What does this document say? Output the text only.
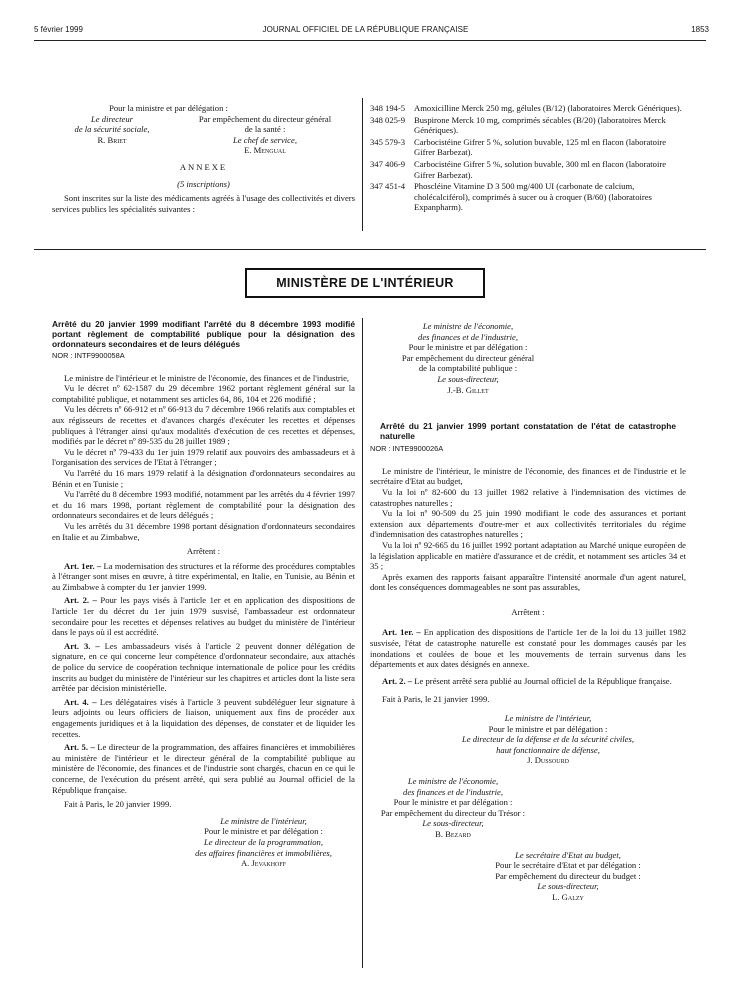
5 février 1999	JOURNAL OFFICIEL DE LA RÉPUBLIQUE FRANÇAISE	1853

Pour la ministre et par délégation :

Le directeur
de la sécurité sociale,
R. Briet
Par empêchement du directeur général
de la santé :
Le chef de service,
E. Mengual

ANNEXE

(5 inscriptions)

Sont inscrites sur la liste des médicaments agréés à l'usage des collectivités et divers services publics les spécialités suivantes :

348 194-5	Amoxicilline Merck 250 mg, gélules (B/12) (laboratoires Merck Génériques).
348 025-9	Buspirone Merck 10 mg, comprimés sécables (B/20) (laboratoires Merck Génériques).
345 579-3	Carbocistéine Gifrer 5 %, solution buvable, 125 ml en flacon (laboratoire Gifrer Barbezat).
347 406-9	Carbocistéine Gifrer 5 %, solution buvable, 300 ml en flacon (laboratoire Gifrer Barbezat).
347 451-4	Phoscléine Vitamine D 3 500 mg/400 UI (carbonate de calcium, cholécalciférol), comprimés à sucer ou à croquer (B/60) (laboratoires Expanpharm).
MINISTÈRE DE L'INTÉRIEUR

Arrêté du 20 janvier 1999 modifiant l'arrêté du 8 décembre 1993 modifié portant règlement de comptabilité publique pour la désignation des ordonnateurs secondaires et de leurs délégués

NOR : INTF9900058A

Le ministre de l'intérieur et le ministre de l'économie, des finances et de l'industrie,

Vu le décret nº 62-1587 du 29 décembre 1962 portant règlement général sur la comptabilité publique, et notamment ses articles 64, 86, 104 et 226 modifié ;

Vu les décrets nº 66-912 et nº 66-913 du 7 décembre 1966 relatifs aux comptables et aux régisseurs de recettes et d'avances chargés d'exécuter les recettes et dépenses publiques à l'étranger ainsi qu'aux modalités d'exécution de ces recettes et dépenses, modifiés par le décret nº 89-535 du 28 juillet 1989 ;

Vu le décret nº 79-433 du 1er juin 1979 relatif aux pouvoirs des ambassadeurs et à l'organisation des services de l'Etat à l'étranger ;

Vu l'arrêté du 16 mars 1979 relatif à la désignation d'ordonnateurs secondaires au Bénin et en Tunisie ;

Vu l'arrêté du 8 décembre 1993 modifié, notamment par les arrêtés du 4 février 1997 et du 16 mars 1998, portant règlement de comptabilité pour la désignation des ordonnateurs secondaires et de leurs délégués ;

Vu les arrêtés du 31 décembre 1998 portant désignation d'ordonnateurs secondaires en Italie et au Zimbabwe,

Arrêtent :

Art. 1er. – La modernisation des structures et la réforme des procédures comptables à l'étranger sont mises en œuvre, à titre expérimental, en Italie, en Tunisie, au Bénin et au Zimbabwe à compter du 1er janvier 1999.

Art. 2. – Pour les pays visés à l'article 1er et en application des dispositions de l'article 1er du décret du 1er juin 1979 susvisé, l'ambassadeur est ordonnateur secondaire pour les recettes et dépenses relatives au budget du ministère de l'intérieur dans le pays où il est accrédité.

Art. 3. – Les ambassadeurs visés à l'article 2 peuvent donner délégation de signature, en ce qui concerne leur compétence d'ordonnateur secondaire, aux attachés de police du service de coopération technique internationale de police pour les crédits inscrits au budget du ministère de l'intérieur sur les chapitres et articles dont la liste sera arrêtée par décision ministérielle.

Art. 4. – Les délégataires visés à l'article 3 peuvent subdéléguer leur signature à leurs adjoints ou leurs officiers de liaison, uniquement aux fins de procéder aux engagements juridiques et à la liquidation des dépenses, de constater et de liquider les recettes.

Art. 5. – Le directeur de la programmation, des affaires financières et immobilières au ministère de l'intérieur et le directeur général de la comptabilité publique au ministère de l'économie, des finances et de l'industrie sont chargés, chacun en ce qui le concerne, de l'exécution du présent arrêté, qui sera publié au Journal officiel de la République française.

Fait à Paris, le 20 janvier 1999.

Le ministre de l'intérieur,

Pour le ministre et par délégation :

Le directeur de la programmation,

des affaires financières et immobilières,

A. Jevakhoff

Le ministre de l'économie,

des finances et de l'industrie,

Pour le ministre et par délégation :

Par empêchement du directeur général

de la comptabilité publique :

Le sous-directeur,

J.-B. Gillet

Arrêté du 21 janvier 1999 portant constatation de l'état de catastrophe naturelle

NOR : INTE9900026A

Le ministre de l'intérieur, le ministre de l'économie, des finances et de l'industrie et le secrétaire d'Etat au budget,

Vu la loi nº 82-600 du 13 juillet 1982 relative à l'indemnisation des victimes de catastrophes naturelles ;

Vu la loi nº 90-509 du 25 juin 1990 modifiant le code des assurances et portant extension aux départements d'outre-mer et aux collectivités territoriales du régime d'indemnisation des catastrophes naturelles ;

Vu la loi nº 92-665 du 16 juillet 1992 portant adaptation au Marché unique européen de la législation applicable en matière d'assurance et de crédit, et notamment ses articles 34 et 35 ;

Après examen des rapports faisant apparaître l'intensité anormale d'un agent naturel, dont les conséquences dommageables ne sont pas assurables,

Arrêtent :

Art. 1er. – En application des dispositions de l'article 1er de la loi du 13 juillet 1982 susvisée, l'état de catastrophe naturelle est constaté pour les dommages causés par les inondations et coulées de boue et les mouvements de terrain survenus dans les départements et aux dates désignés en annexe.

Art. 2. – Le présent arrêté sera publié au Journal officiel de la République française.

Fait à Paris, le 21 janvier 1999.

Le ministre de l'intérieur,

Pour le ministre et par délégation :

Le directeur de la défense et de la sécurité civiles,

haut fonctionnaire de défense,

J. Dussourd

Le ministre de l'économie,

des finances et de l'industrie,

Pour le ministre et par délégation :

Par empêchement du directeur du Trésor :

Le sous-directeur,

B. Bezard

Le secrétaire d'Etat au budget,

Pour le secrétaire d'Etat et par délégation :

Par empêchement du directeur du budget :

Le sous-directeur,

L. Galzy
